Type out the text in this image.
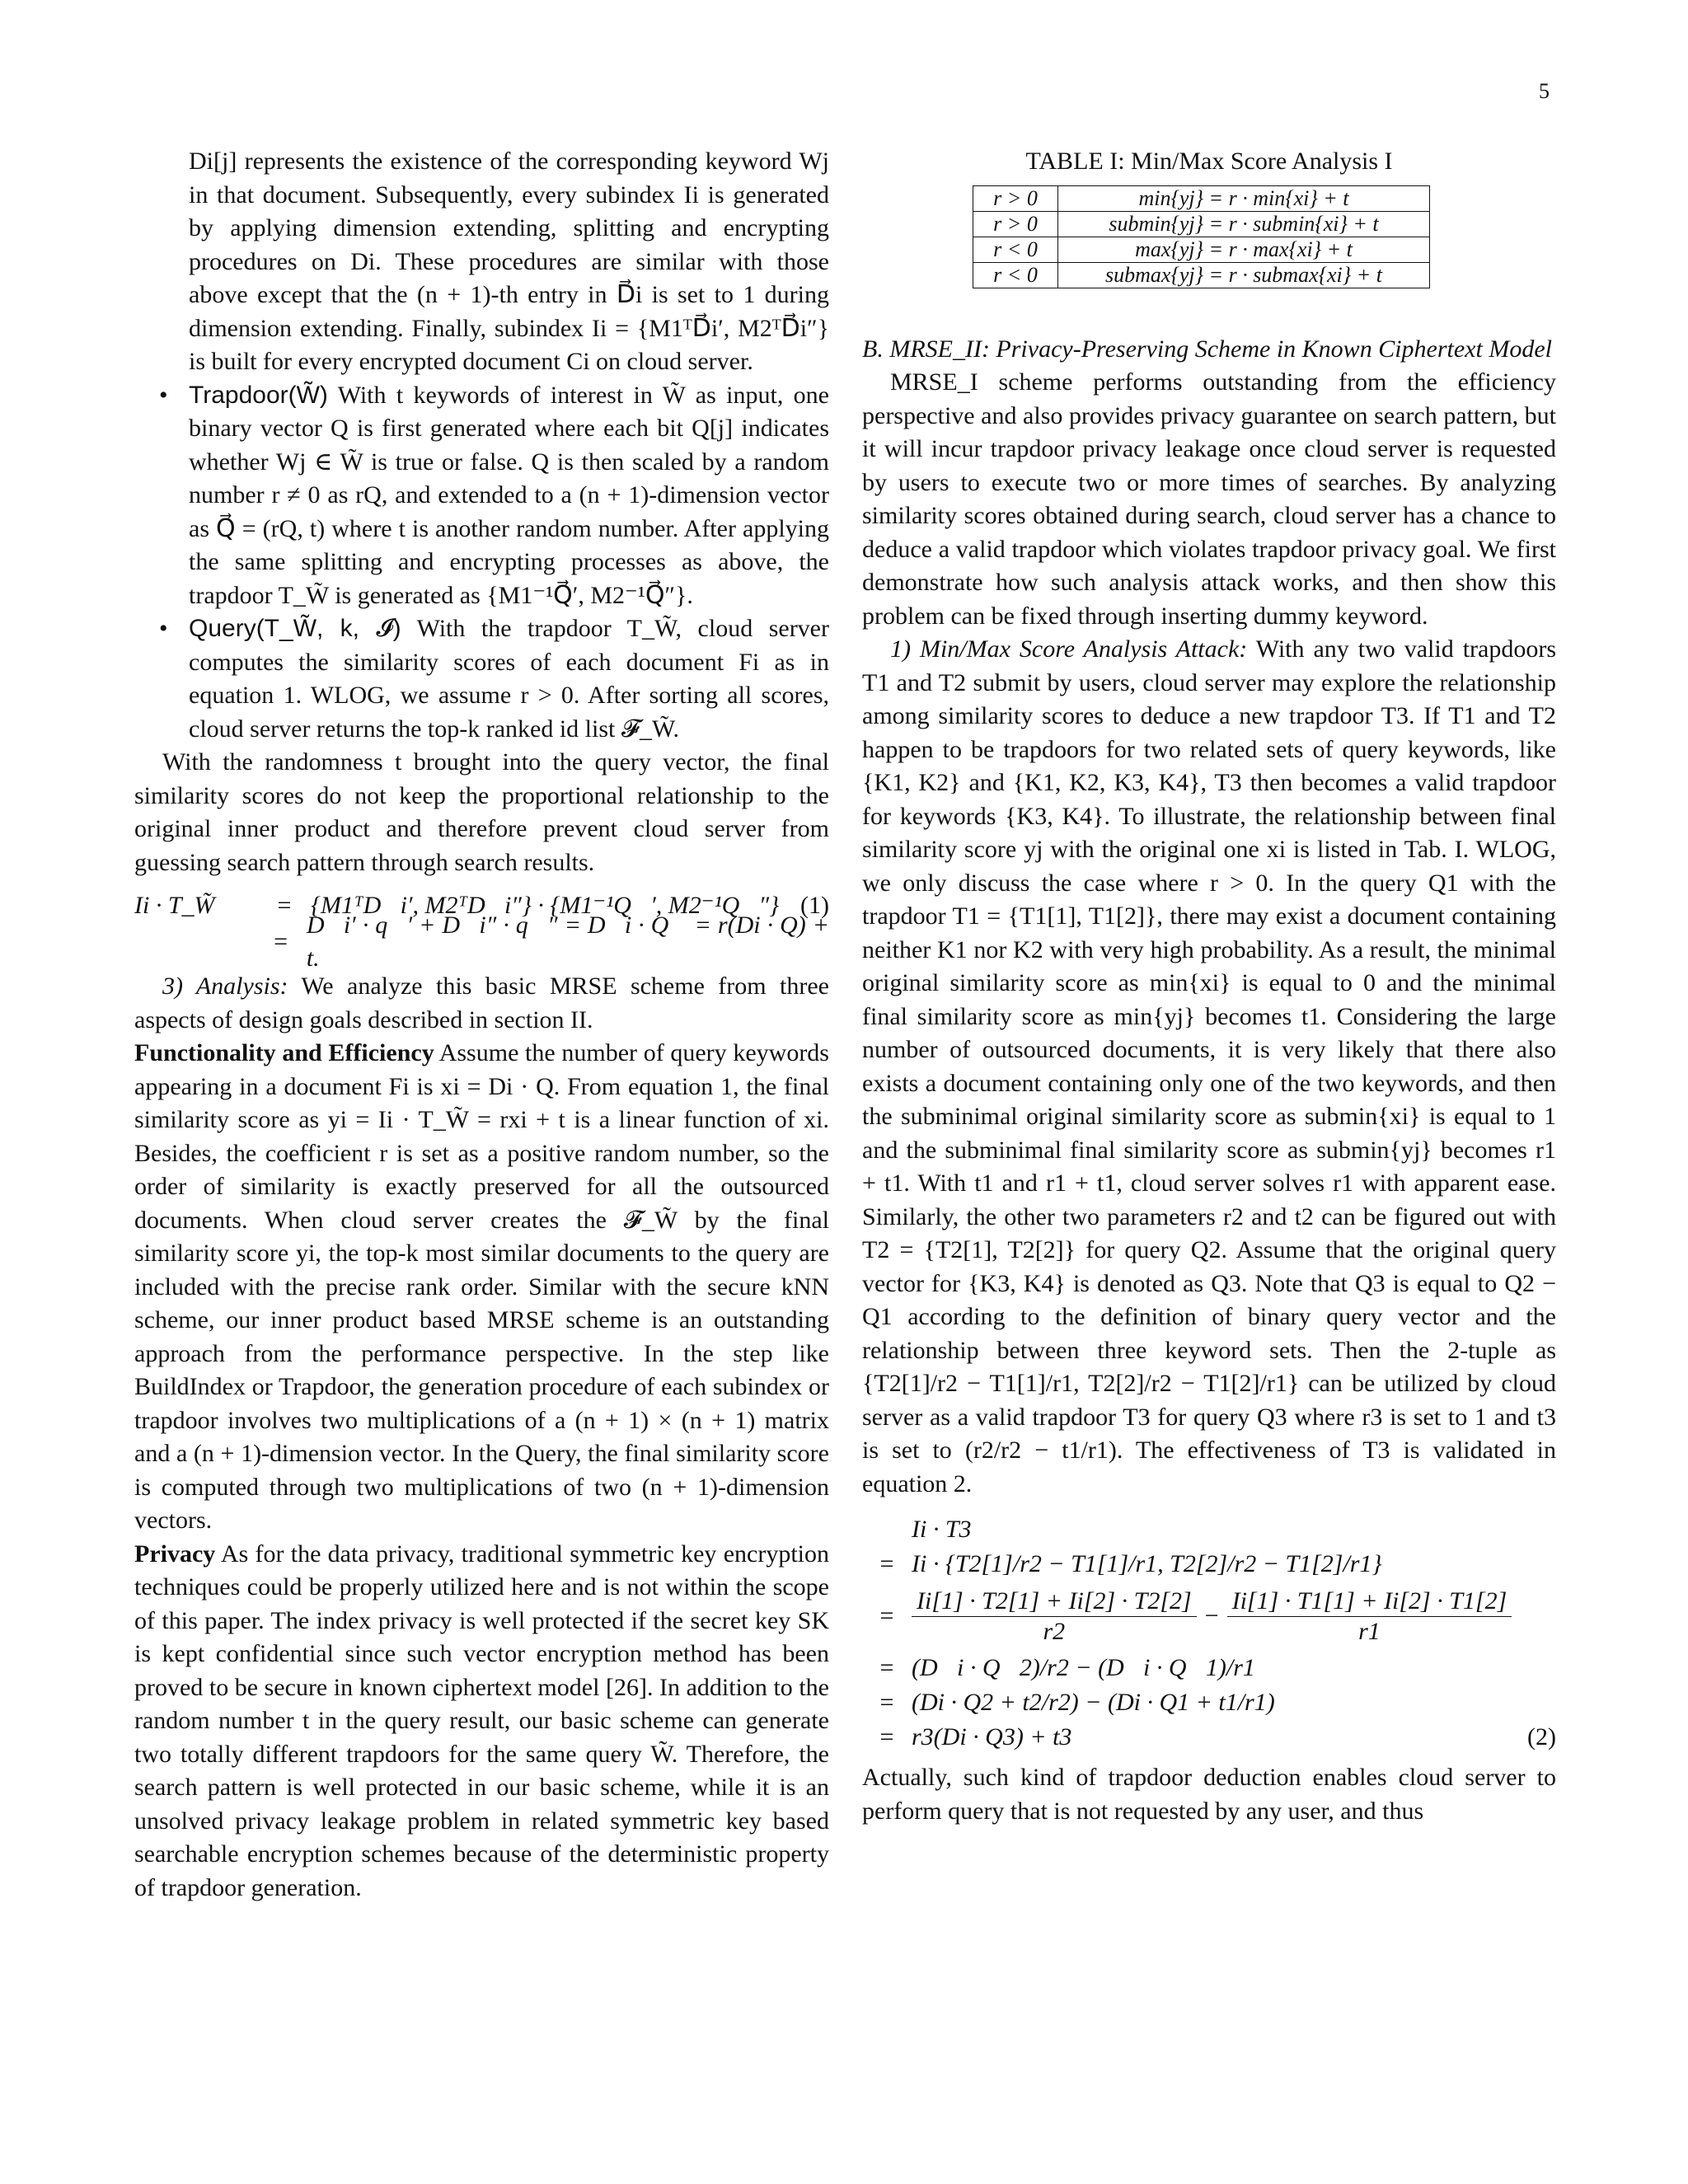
5

Di[j] represents the existence of the corresponding keyword Wj in that document. Subsequently, every subindex Ii is generated by applying dimension extending, splitting and encrypting procedures on Di. These procedures are similar with those above except that the (n + 1)-th entry in D⃗i is set to 1 during dimension extending. Finally, subindex Ii = {M1ᵀD⃗i′, M2ᵀD⃗i″} is built for every encrypted document Ci on cloud server.

• Trapdoor(W̃) With t keywords of interest in W̃ as input, one binary vector Q is first generated where each bit Q[j] indicates whether Wj ∈ W̃ is true or false. Q is then scaled by a random number r ≠ 0 as rQ, and extended to a (n + 1)-dimension vector as Q⃗ = (rQ, t) where t is another random number. After applying the same splitting and encrypting processes as above, the trapdoor T_W̃ is generated as {M1⁻¹Q⃗′, M2⁻¹Q⃗″}.
• Query(T_W̃, k, 𝓘) With the trapdoor T_W̃, cloud server computes the similarity scores of each document Fi as in equation 1. WLOG, we assume r > 0. After sorting all scores, cloud server returns the top-k ranked id list 𝓕_W̃.

With the randomness t brought into the query vector, the final similarity scores do not keep the proportional relationship to the original inner product and therefore prevent cloud server from guessing search pattern through search results.

Ii · T_W̃	= {M1ᵀD⃗i′, M2ᵀD⃗i″} · {M1⁻¹Q⃗′, M2⁻¹Q⃗″}
=
D⃗i′ · q⃗′ + D⃗i″ · q⃗″ = D⃗i · Q⃗ = r(Di · Q) + t.
(1)

3) Analysis: We analyze this basic MRSE scheme from three aspects of design goals described in section II.

Functionality and Efficiency Assume the number of query keywords appearing in a document Fi is xi = Di · Q. From equation 1, the final similarity score as yi = Ii · T_W̃ = rxi + t is a linear function of xi. Besides, the coefficient r is set as a positive random number, so the order of similarity is exactly preserved for all the outsourced documents. When cloud server creates the 𝓕_W̃ by the final similarity score yi, the top-k most similar documents to the query are included with the precise rank order. Similar with the secure kNN scheme, our inner product based MRSE scheme is an outstanding approach from the performance perspective. In the step like BuildIndex or Trapdoor, the generation procedure of each subindex or trapdoor involves two multiplications of a (n + 1) × (n + 1) matrix and a (n + 1)-dimension vector. In the Query, the final similarity score is computed through two multiplications of two (n + 1)-dimension vectors.

Privacy As for the data privacy, traditional symmetric key encryption techniques could be properly utilized here and is not within the scope of this paper. The index privacy is well protected if the secret key SK is kept confidential since such vector encryption method has been proved to be secure in known ciphertext model [26]. In addition to the random number t in the query result, our basic scheme can generate two totally different trapdoors for the same query W̃. Therefore, the search pattern is well protected in our basic scheme, while it is an unsolved privacy leakage problem in related symmetric key based searchable encryption schemes because of the deterministic property of trapdoor generation.

TABLE I: Min/Max Score Analysis I

r > 0	min{yj} = r · min{xi} + t
r > 0	submin{yj} = r · submin{xi} + t
r < 0	max{yj} = r · max{xi} + t
r < 0	submax{yj} = r · submax{xi} + t

B. MRSE_II: Privacy-Preserving Scheme in Known Ciphertext Model

MRSE_I scheme performs outstanding from the efficiency perspective and also provides privacy guarantee on search pattern, but it will incur trapdoor privacy leakage once cloud server is requested by users to execute two or more times of searches. By analyzing similarity scores obtained during search, cloud server has a chance to deduce a valid trapdoor which violates trapdoor privacy goal. We first demonstrate how such analysis attack works, and then show this problem can be fixed through inserting dummy keyword.

1) Min/Max Score Analysis Attack: With any two valid trapdoors T1 and T2 submit by users, cloud server may explore the relationship among similarity scores to deduce a new trapdoor T3. If T1 and T2 happen to be trapdoors for two related sets of query keywords, like {K1, K2} and {K1, K2, K3, K4}, T3 then becomes a valid trapdoor for keywords {K3, K4}. To illustrate, the relationship between final similarity score yj with the original one xi is listed in Tab. I. WLOG, we only discuss the case where r > 0. In the query Q1 with the trapdoor T1 = {T1[1], T1[2]}, there may exist a document containing neither K1 nor K2 with very high probability. As a result, the minimal original similarity score as min{xi} is equal to 0 and the minimal final similarity score as min{yj} becomes t1. Considering the large number of outsourced documents, it is very likely that there also exists a document containing only one of the two keywords, and then the subminimal original similarity score as submin{xi} is equal to 1 and the subminimal final similarity score as submin{yj} becomes r1 + t1. With t1 and r1 + t1, cloud server solves r1 with apparent ease. Similarly, the other two parameters r2 and t2 can be figured out with T2 = {T2[1], T2[2]} for query Q2. Assume that the original query vector for {K3, K4} is denoted as Q3. Note that Q3 is equal to Q2 − Q1 according to the definition of binary query vector and the relationship between three keyword sets. Then the 2-tuple as {T2[1]/r2 − T1[1]/r1, T2[2]/r2 − T1[2]/r1} can be utilized by cloud server as a valid trapdoor T3 for query Q3 where r3 is set to 1 and t3 is set to (r2/r2 − t1/r1). The effectiveness of T3 is validated in equation 2.

Ii · T3
= Ii · {T2[1]/r2 − T1[1]/r1, T2[2]/r2 − T1[2]/r1}
= $\frac{Ii[1] \cdot T2[1] + Ii[2] \cdot T2[2]}{r2} - \frac{Ii[1] \cdot T1[1] + Ii[2] \cdot T1[2]}{r1}$
= (D⃗i · Q⃗2)/r2 − (D⃗i · Q⃗1)/r1
= (Di · Q2 + t2/r2) − (Di · Q1 + t1/r1)
= r3(Di · Q3) + t3	(2)

Actually, such kind of trapdoor deduction enables cloud server to perform query that is not requested by any user, and thus
